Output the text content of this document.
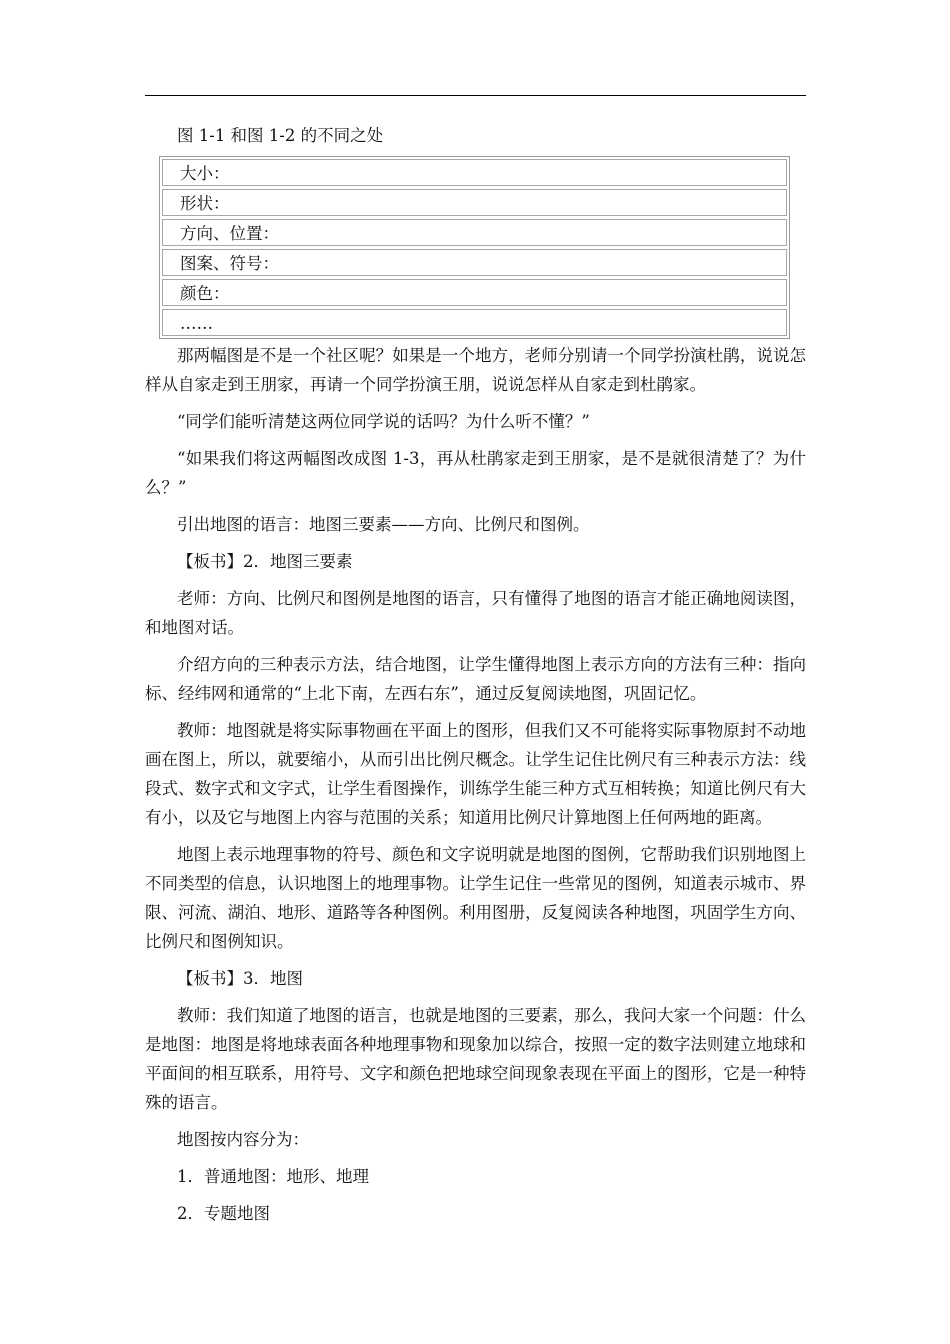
图 1-1 和图 1-2 的不同之处
大小：
形状：
方向、位置：
图案、符号：
颜色：
……

那两幅图是不是一个社区呢？如果是一个地方，老师分别请一个同学扮演杜鹃，说说怎样从自家走到王朋家，再请一个同学扮演王朋，说说怎样从自家走到杜鹃家。

“同学们能听清楚这两位同学说的话吗？为什么听不懂？”

“如果我们将这两幅图改成图 1-3，再从杜鹃家走到王朋家，是不是就很清楚了？为什么？”

引出地图的语言：地图三要素——方向、比例尺和图例。

【板书】2．地图三要素

老师：方向、比例尺和图例是地图的语言，只有懂得了地图的语言才能正确地阅读图，和地图对话。

介绍方向的三种表示方法，结合地图，让学生懂得地图上表示方向的方法有三种：指向标、经纬网和通常的“上北下南，左西右东”，通过反复阅读地图，巩固记忆。

教师：地图就是将实际事物画在平面上的图形，但我们又不可能将实际事物原封不动地画在图上，所以，就要缩小，从而引出比例尺概念。让学生记住比例尺有三种表示方法：线段式、数字式和文字式，让学生看图操作，训练学生能三种方式互相转换；知道比例尺有大有小，以及它与地图上内容与范围的关系；知道用比例尺计算地图上任何两地的距离。

地图上表示地理事物的符号、颜色和文字说明就是地图的图例，它帮助我们识别地图上不同类型的信息，认识地图上的地理事物。让学生记住一些常见的图例，知道表示城市、界限、河流、湖泊、地形、道路等各种图例。利用图册，反复阅读各种地图，巩固学生方向、比例尺和图例知识。

【板书】3．地图

教师：我们知道了地图的语言，也就是地图的三要素，那么，我问大家一个问题：什么是地图：地图是将地球表面各种地理事物和现象加以综合，按照一定的数字法则建立地球和平面间的相互联系，用符号、文字和颜色把地球空间现象表现在平面上的图形，它是一种特殊的语言。

地图按内容分为：

1．普通地图：地形、地理

2．专题地图
